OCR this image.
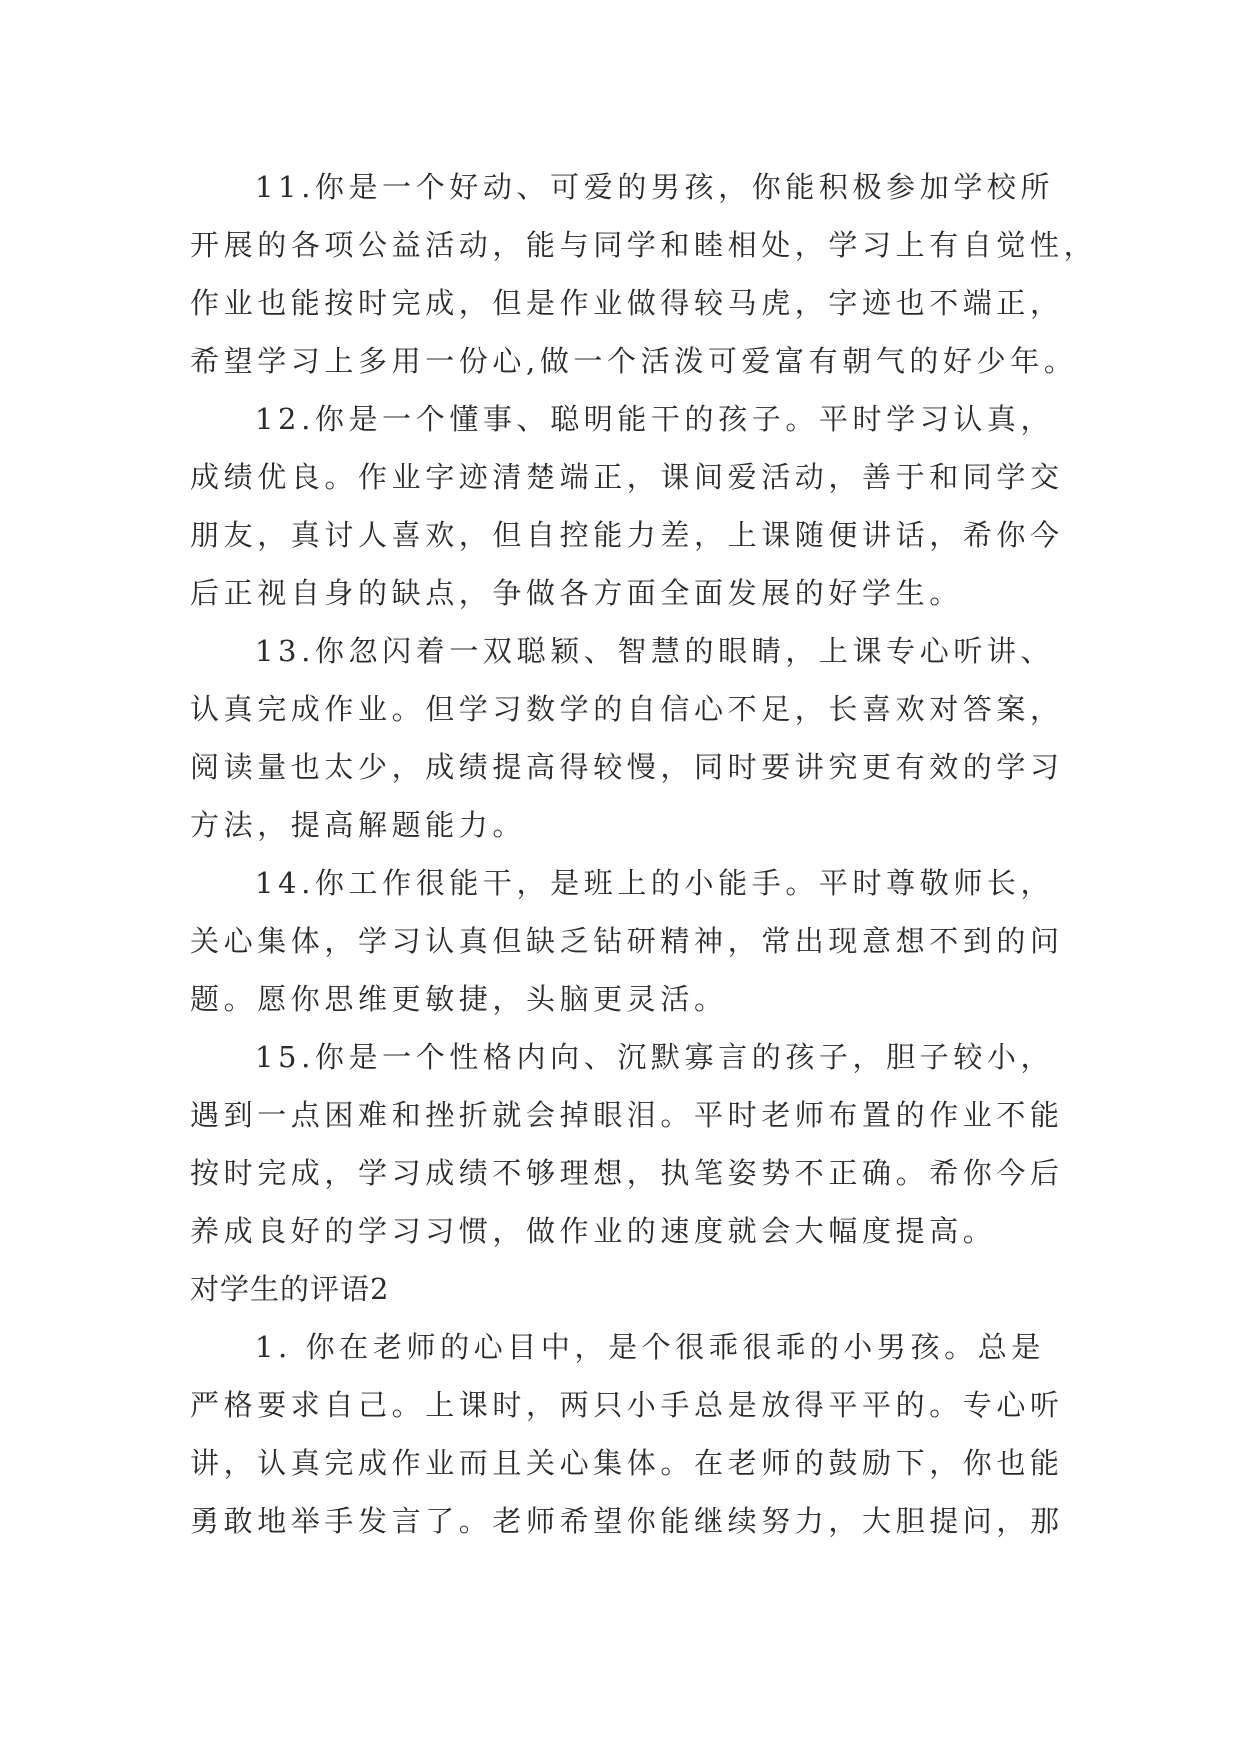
11.你是一个好动、可爱的男孩，你能积极参加学校所
开展的各项公益活动，能与同学和睦相处，学习上有自觉性，
作业也能按时完成，但是作业做得较马虎，字迹也不端正，
希望学习上多用一份心,做一个活泼可爱富有朝气的好少年。
12.你是一个懂事、聪明能干的孩子。平时学习认真，
成绩优良。作业字迹清楚端正，课间爱活动，善于和同学交
朋友，真讨人喜欢，但自控能力差，上课随便讲话，希你今
后正视自身的缺点，争做各方面全面发展的好学生。
13.你忽闪着一双聪颖、智慧的眼睛，上课专心听讲、
认真完成作业。但学习数学的自信心不足，长喜欢对答案，
阅读量也太少，成绩提高得较慢，同时要讲究更有效的学习
方法，提高解题能力。
14.你工作很能干，是班上的小能手。平时尊敬师长，
关心集体，学习认真但缺乏钻研精神，常出现意想不到的问
题。愿你思维更敏捷，头脑更灵活。
15.你是一个性格内向、沉默寡言的孩子，胆子较小，
遇到一点困难和挫折就会掉眼泪。平时老师布置的作业不能
按时完成，学习成绩不够理想，执笔姿势不正确。希你今后
养成良好的学习习惯，做作业的速度就会大幅度提高。
对学生的评语2
1. 你在老师的心目中，是个很乖很乖的小男孩。总是
严格要求自己。上课时，两只小手总是放得平平的。专心听
讲，认真完成作业而且关心集体。在老师的鼓励下，你也能
勇敢地举手发言了。老师希望你能继续努力，大胆提问，那
